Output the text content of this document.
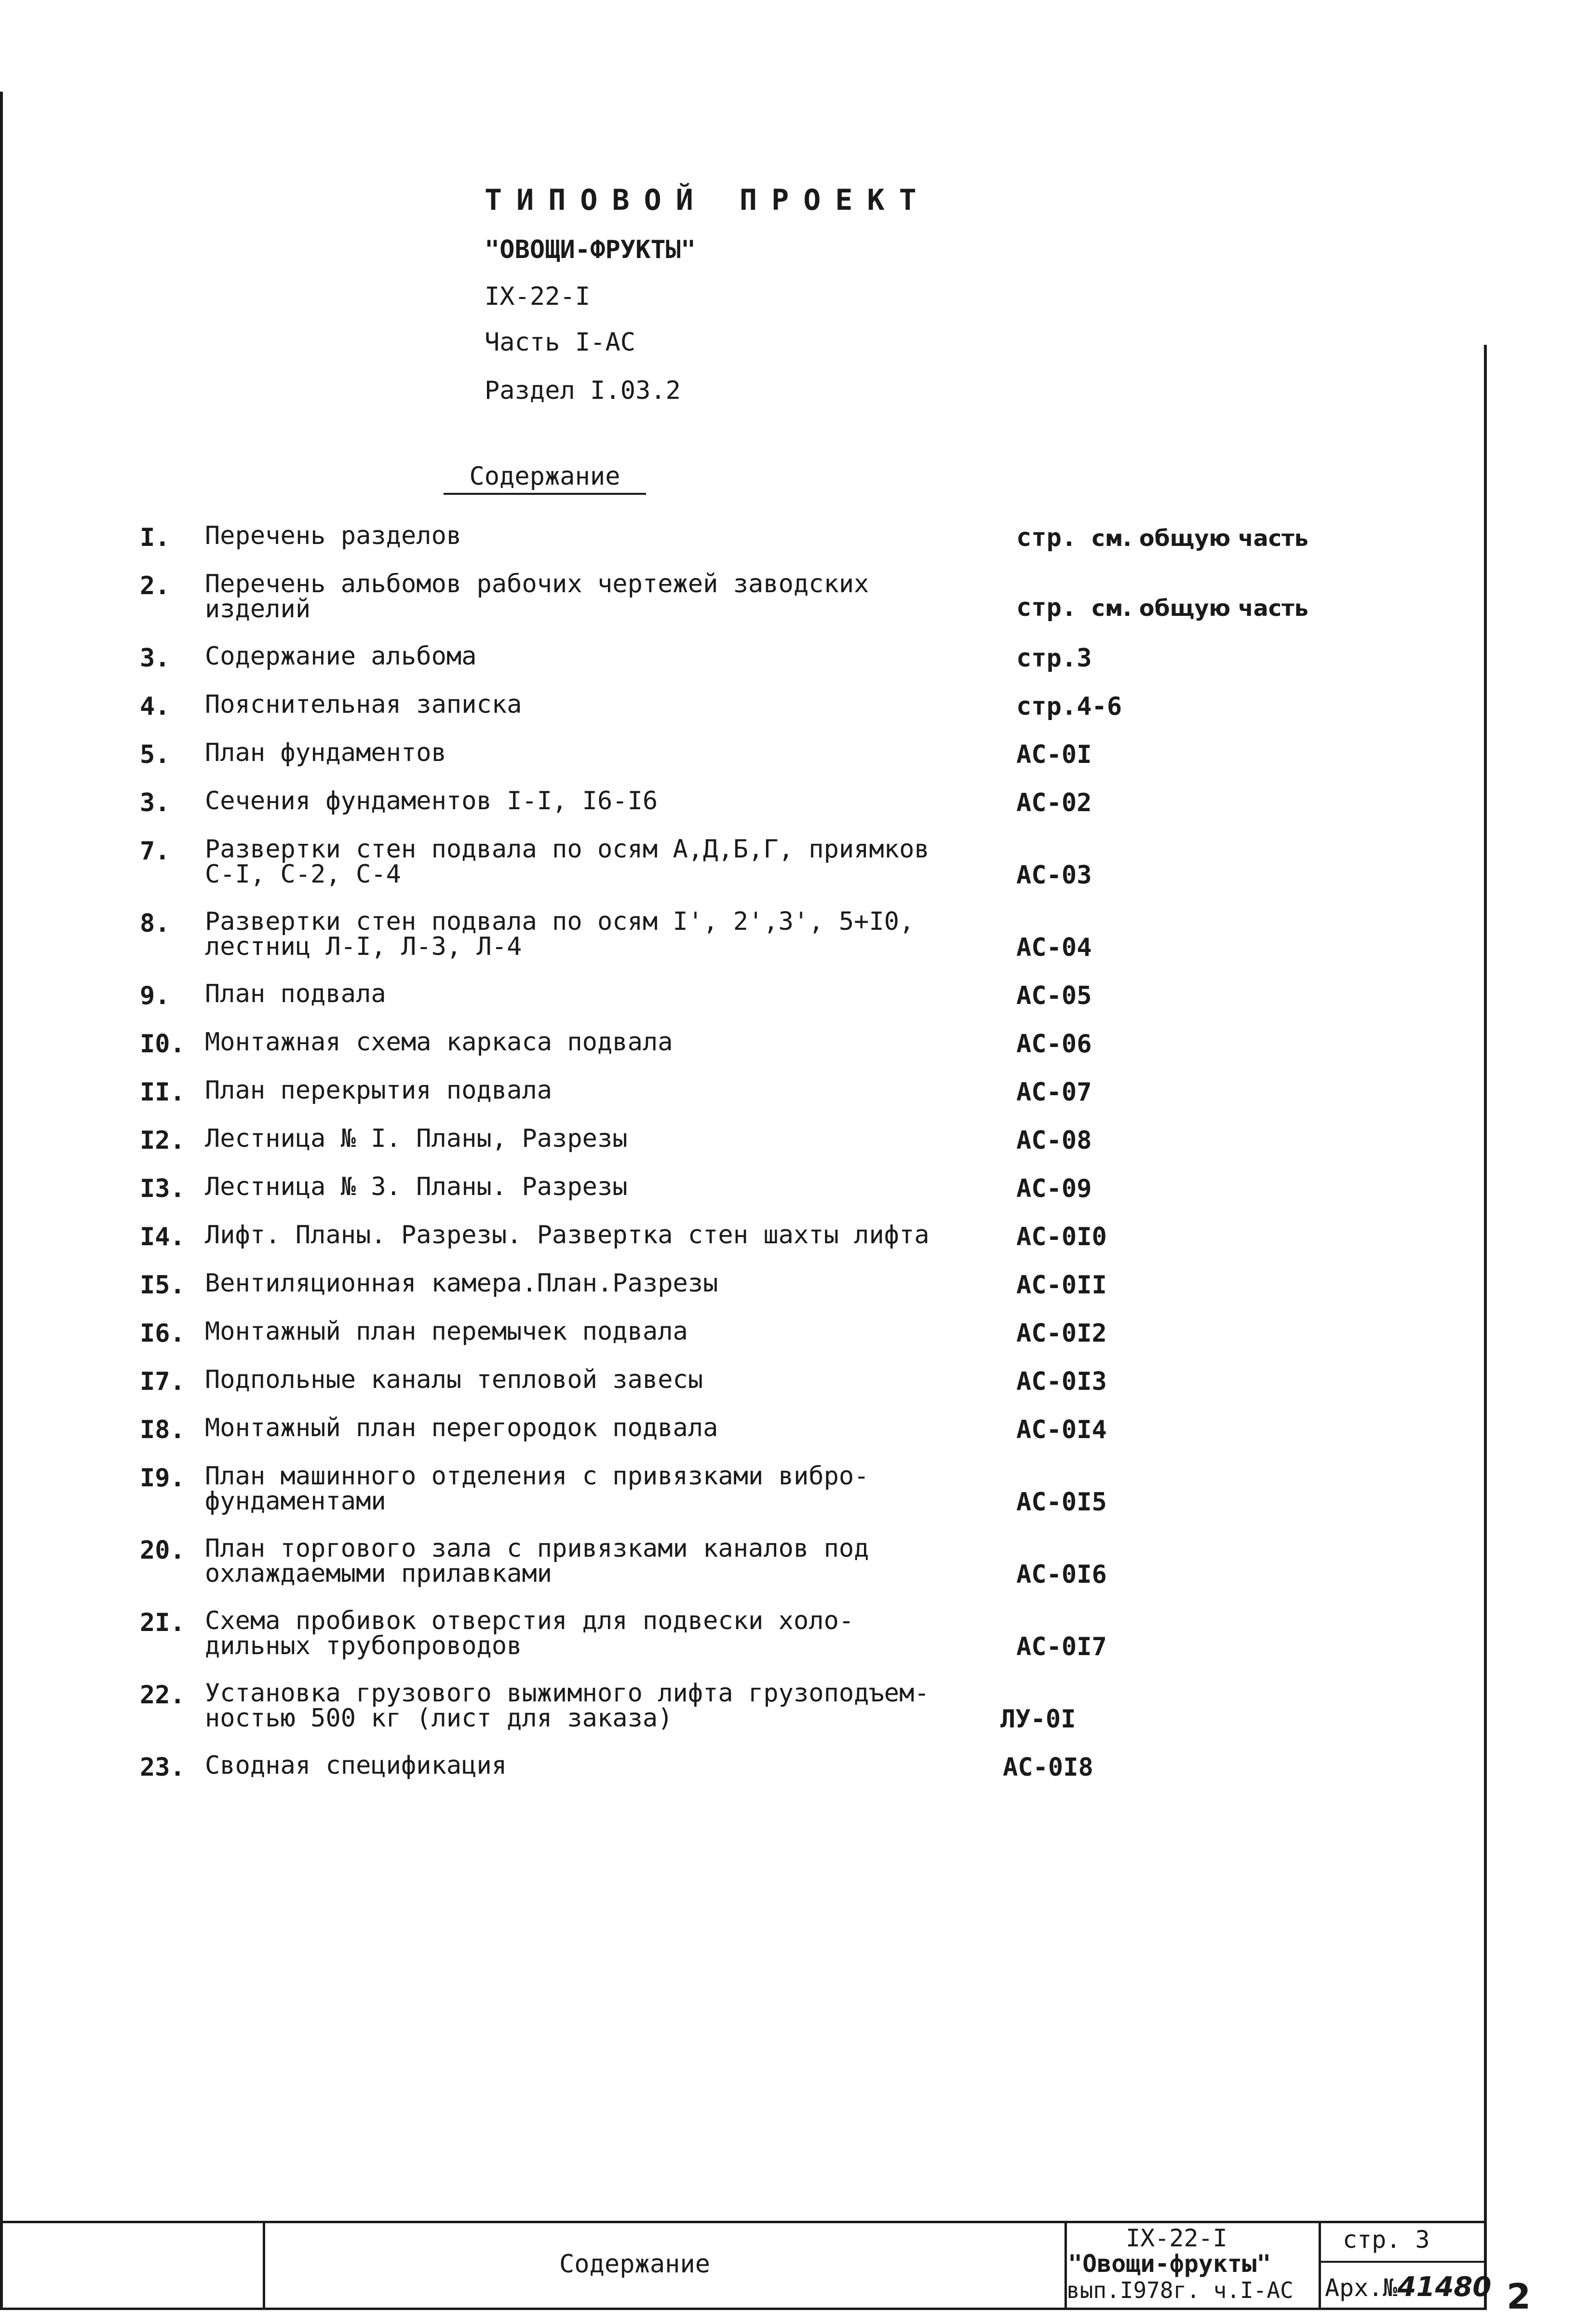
ТИПОВОЙ ПРОЕКТ
"ОВОЩИ-ФРУКТЫ"
IX-22-I
Часть I-АС
Раздел I.03.2
Содержание
I.	Перечень разделов	стр. см. общую часть
2.	Перечень альбомов рабочих чертежей заводских
изделий	стр. см. общую часть
3.	Содержание альбома	стр.3
4.	Пояснительная записка	стр.4-6
5.	План фундаментов	АС-0I
3.	Сечения фундаментов I-I, I6-I6	АС-02
7.	Развертки стен подвала по осям А,Д,Б,Г, приямков
С-I, С-2, С-4	АС-03
8.	Развертки стен подвала по осям I', 2',3', 5+I0,
лестниц Л-I, Л-3, Л-4	АС-04
9.	План подвала	АС-05
I0. Монтажная схема каркаса подвала	АС-06
II. План перекрытия подвала	АС-07
I2. Лестница № I. Планы, Разрезы	АС-08
I3. Лестница № 3. Планы. Разрезы	АС-09
I4. Лифт. Планы. Разрезы. Развертка стен шахты лифта	АС-0I0
I5. Вентиляционная камера.План.Разрезы	АС-0II
I6. Монтажный план перемычек подвала	АС-0I2
I7. Подпольные каналы тепловой завесы	АС-0I3
I8. Монтажный план перегородок подвала	АС-0I4
I9. План машинного отделения с привязками вибро-
фундаментами	АС-0I5
20. План торгового зала с привязками каналов под
охлаждаемыми прилавками	АС-0I6
2I. Схема пробивок отверстия для подвески холо-
дильных трубопроводов	АС-0I7
22. Установка грузового выжимного лифта грузоподъем-
ностью 500 кг (лист для заказа)	ЛУ-0I
23. Сводная спецификация	АС-0I8
Содержание
IX-22-I
"Овощи-фрукты"
вып.I978г. ч.I-АС
стр. 3
Арх.№41480 2
